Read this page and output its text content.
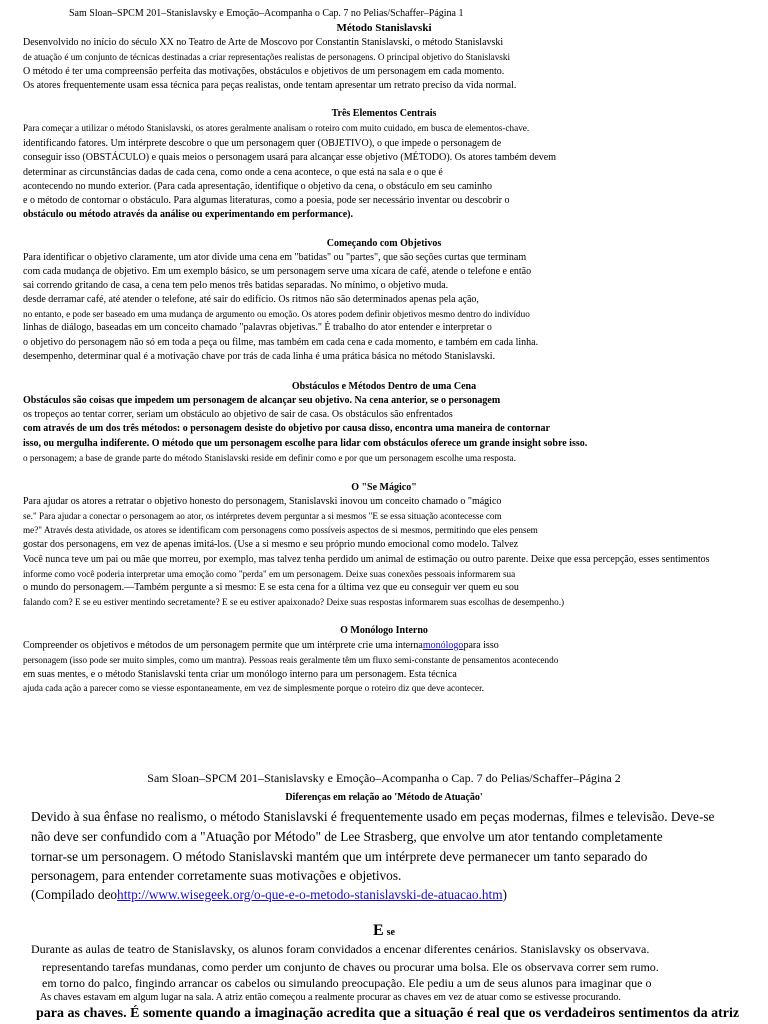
Sam Sloan–SPCM 201–Stanislavsky e Emoção–Acompanha o Cap. 7 no Pelias/Schaffer–Página 1
Método Stanislavski
Desenvolvido no início do século XX no Teatro de Arte de Moscovo por Constantin Stanislavski, o método Stanislavski
de atuação é um conjunto de técnicas destinadas a criar representações realistas de personagens. O principal objetivo do Stanislavski
O método é ter uma compreensão perfeita das motivações, obstáculos e objetivos de um personagem em cada momento.
Os atores frequentemente usam essa técnica para peças realistas, onde tentam apresentar um retrato preciso da vida normal.
Três Elementos Centrais
Para começar a utilizar o método Stanislavski, os atores geralmente analisam o roteiro com muito cuidado, em busca de elementos-chave.
identificando fatores. Um intérprete descobre o que um personagem quer (OBJETIVO), o que impede o personagem de
conseguir isso (OBSTÁCULO) e quais meios o personagem usará para alcançar esse objetivo (MÉTODO). Os atores também devem
determinar as circunstâncias dadas de cada cena, como onde a cena acontece, o que está na sala e o que é
acontecendo no mundo exterior. (Para cada apresentação, identifique o objetivo da cena, o obstáculo em seu caminho
e o método de contornar o obstáculo. Para algumas literaturas, como a poesia, pode ser necessário inventar ou descobrir o
obstáculo ou método através da análise ou experimentando em performance).
Começando com Objetivos
Para identificar o objetivo claramente, um ator divide uma cena em "batidas" ou "partes", que são seções curtas que terminam
com cada mudança de objetivo. Em um exemplo básico, se um personagem serve uma xícara de café, atende o telefone e então
sai correndo gritando de casa, a cena tem pelo menos três batidas separadas. No mínimo, o objetivo muda.
desde derramar café, até atender o telefone, até sair do edifício. Os ritmos não são determinados apenas pela ação,
no entanto, e pode ser baseado em uma mudança de argumento ou emoção. Os atores podem definir objetivos mesmo dentro do indivíduo
linhas de diálogo, baseadas em um conceito chamado "palavras objetivas." É trabalho do ator entender e interpretar o
o objetivo do personagem não só em toda a peça ou filme, mas também em cada cena e cada momento, e também em cada linha.
desempenho, determinar qual é a motivação chave por trás de cada linha é uma prática básica no método Stanislavski.
Obstáculos e Métodos Dentro de uma Cena
Obstáculos são coisas que impedem um personagem de alcançar seu objetivo. Na cena anterior, se o personagem
os tropeços ao tentar correr, seriam um obstáculo ao objetivo de sair de casa. Os obstáculos são enfrentados
com através de um dos três métodos: o personagem desiste do objetivo por causa disso, encontra uma maneira de contornar
isso, ou mergulha indiferente. O método que um personagem escolhe para lidar com obstáculos oferece um grande insight sobre isso.
o personagem; a base de grande parte do método Stanislavski reside em definir como e por que um personagem escolhe uma resposta.
O "Se Mágico"
Para ajudar os atores a retratar o objetivo honesto do personagem, Stanislavski inovou um conceito chamado o "mágico
se." Para ajudar a conectar o personagem ao ator, os intérpretes devem perguntar a si mesmos "E se essa situação acontecesse com
me?" Através desta atividade, os atores se identificam com personagens como possíveis aspectos de si mesmos, permitindo que eles pensem
gostar dos personagens, em vez de apenas imitá-los. (Use a si mesmo e seu próprio mundo emocional como modelo. Talvez
Você nunca teve um pai ou mãe que morreu, por exemplo, mas talvez tenha perdido um animal de estimação ou outro parente. Deixe que essa percepção, esses sentimentos
informe como você poderia interpretar uma emoção como "perda" em um personagem. Deixe suas conexões pessoais informarem sua
o mundo do personagem.—Também pergunte a si mesmo: E se esta cena for a última vez que eu conseguir ver quem eu sou
falando com? E se eu estiver mentindo secretamente? E se eu estiver apaixonado? Deixe suas respostas informarem suas escolhas de desempenho.)
O Monólogo Interno
Compreender os objetivos e métodos de um personagem permite que um intérprete crie uma internamonólogopara isso
personagem (isso pode ser muito simples, como um mantra). Pessoas reais geralmente têm um fluxo semi-constante de pensamentos acontecendo
em suas mentes, e o método Stanislavski tenta criar um monólogo interno para um personagem. Esta técnica
ajuda cada ação a parecer como se viesse espontaneamente, em vez de simplesmente porque o roteiro diz que deve acontecer.
Sam Sloan–SPCM 201–Stanislavsky e Emoção–Acompanha o Cap. 7 do Pelias/Schaffer–Página 2
Diferenças em relação ao 'Método de Atuação'
Devido à sua ênfase no realismo, o método Stanislavski é frequentemente usado em peças modernas, filmes e televisão. Deve-se
não deve ser confundido com a "Atuação por Método" de Lee Strasberg, que envolve um ator tentando completamente
tornar-se um personagem. O método Stanislavski mantém que um intérprete deve permanecer um tanto separado do
personagem, para entender corretamente suas motivações e objetivos.
(Compilado deohttp://www.wisegeek.org/o-que-e-o-metodo-stanislavski-de-atuacao.htm)
Ese
Durante as aulas de teatro de Stanislavsky, os alunos foram convidados a encenar diferentes cenários. Stanislavsky os observava.
representando tarefas mundanas, como perder um conjunto de chaves ou procurar uma bolsa. Ele os observava correr sem rumo.
em torno do palco, fingindo arrancar os cabelos ou simulando preocupação. Ele pediu a um de seus alunos para imaginar que o
As chaves estavam em algum lugar na sala. A atriz então começou a realmente procurar as chaves em vez de atuar como se estivesse procurando.
para as chaves. É somente quando a imaginação acredita que a situação é real que os verdadeiros sentimentos da atriz
